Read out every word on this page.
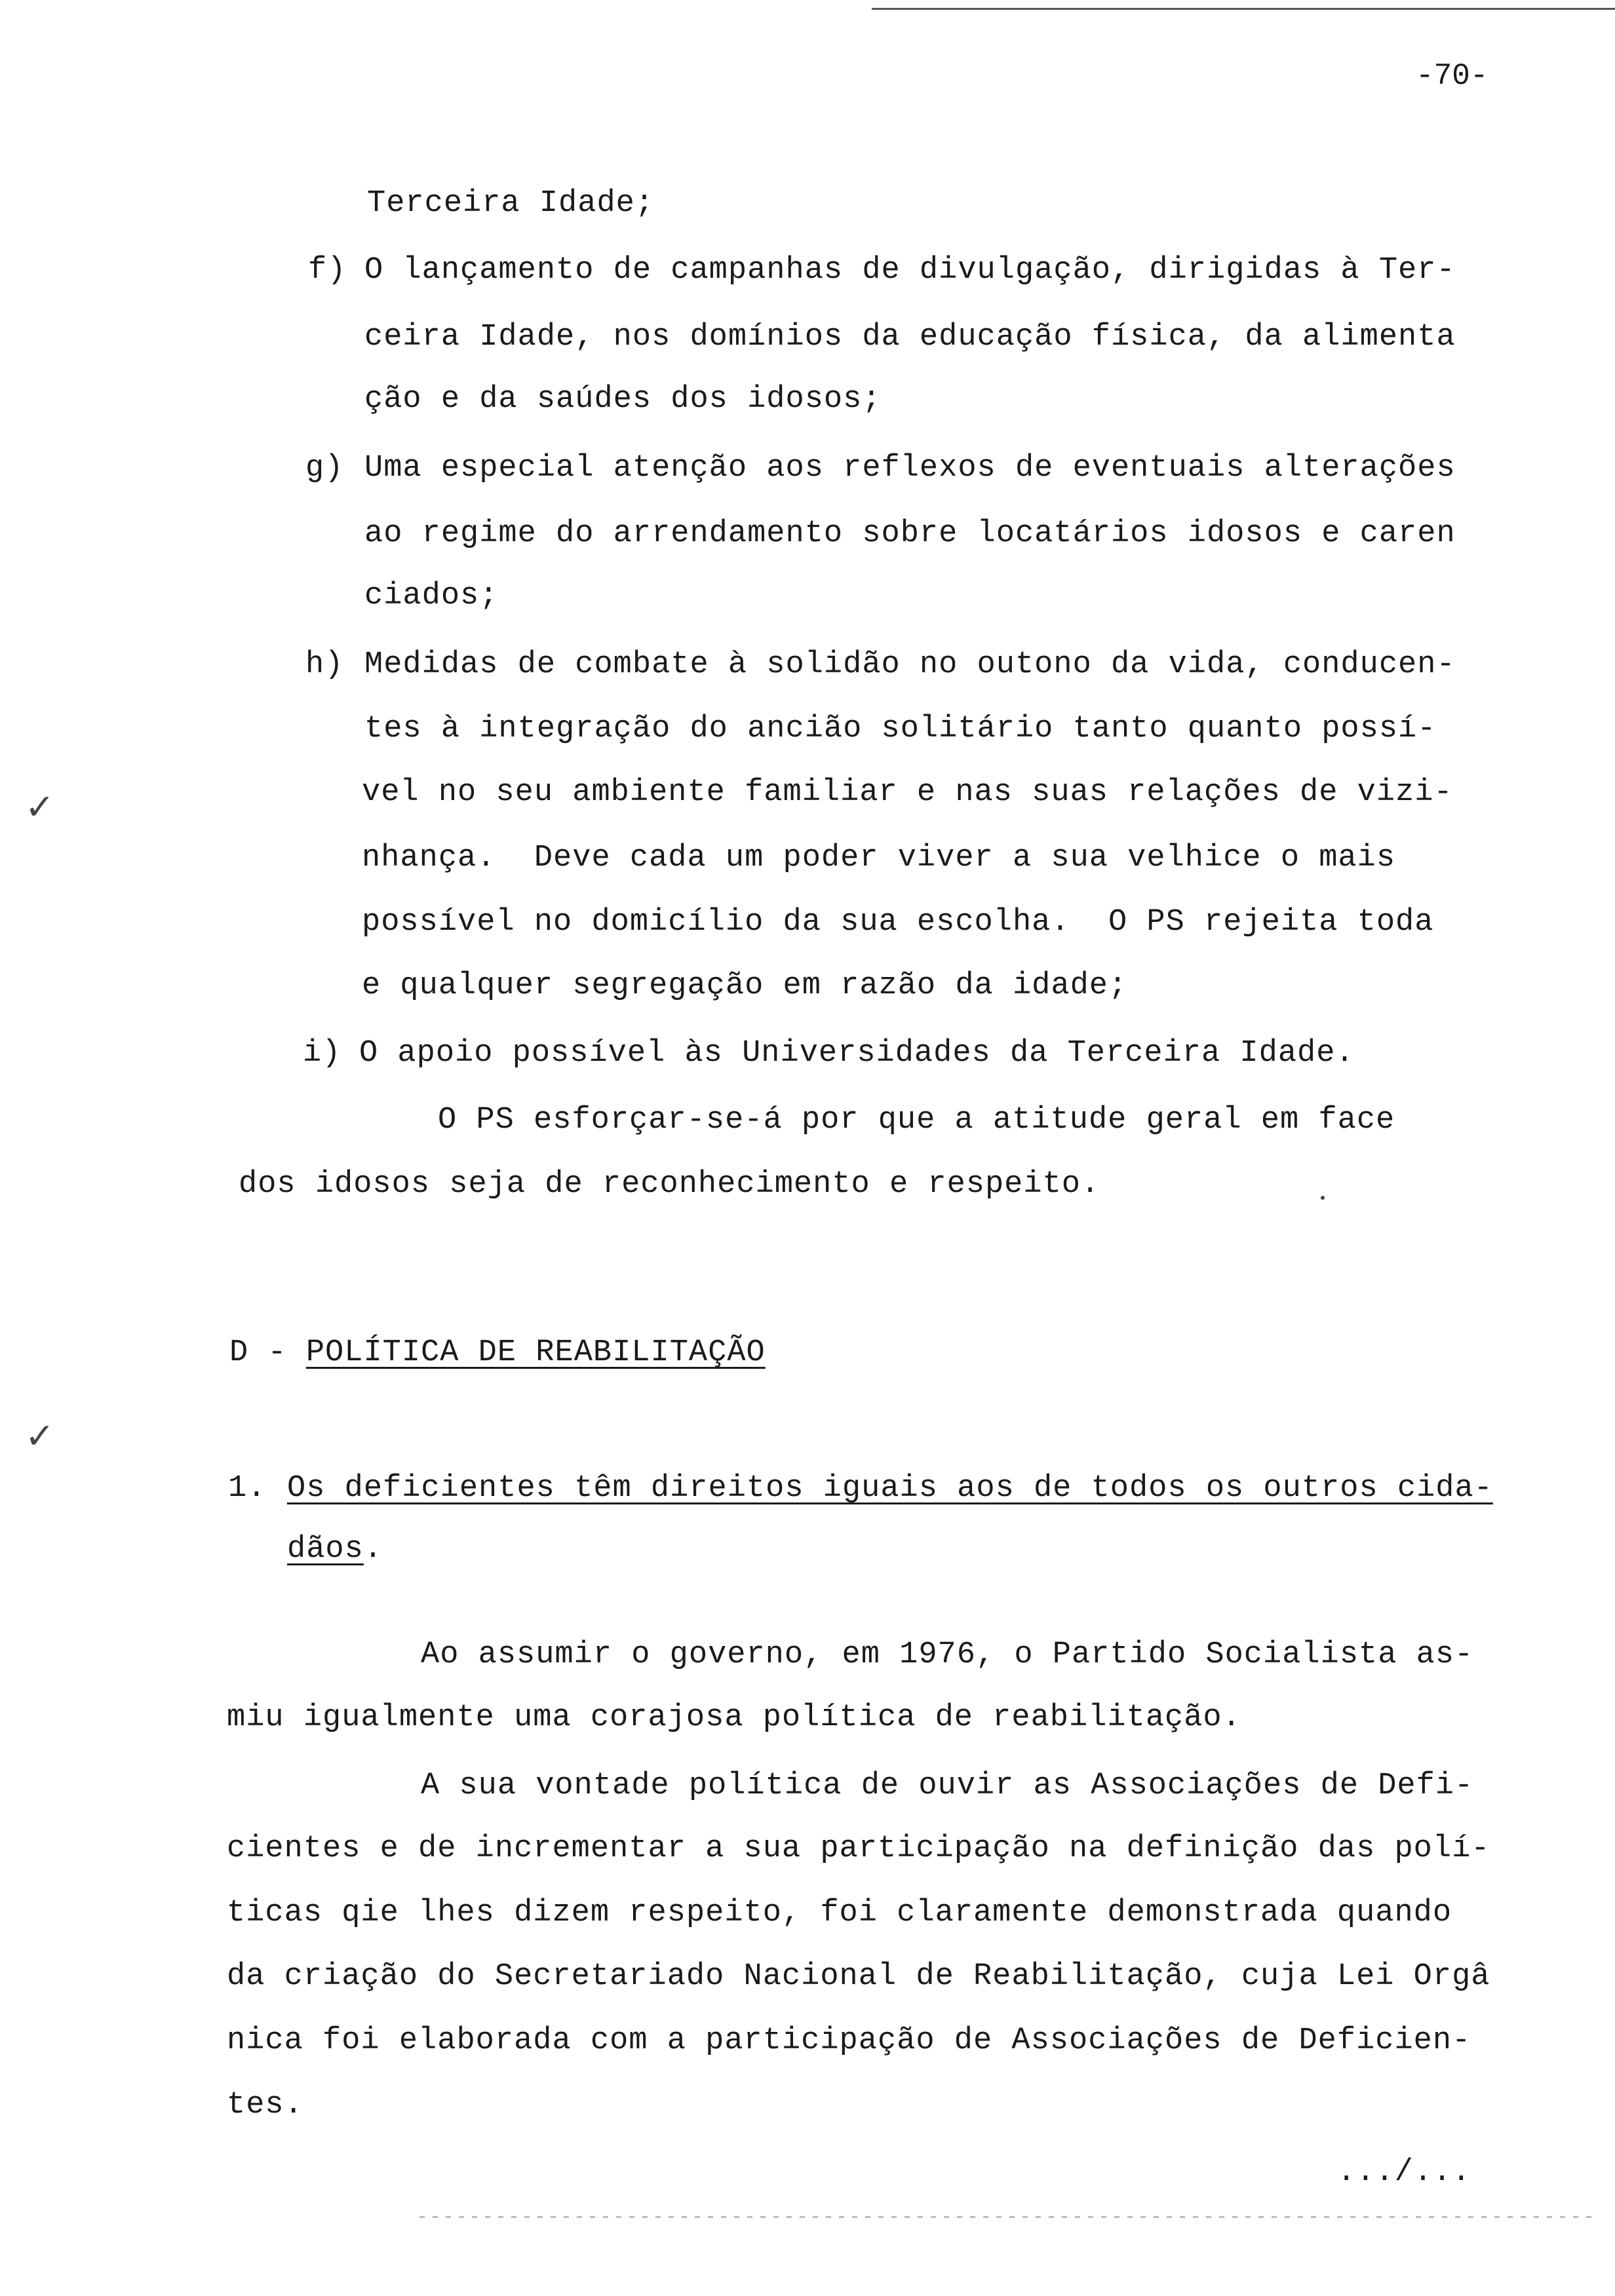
-70-
✓
✓
Terceira Idade;
f) O lançamento de campanhas de divulgação, dirigidas à Ter-
ceira Idade, nos domínios da educação física, da alimenta
ção e da saúdes dos idosos;
g) Uma especial atenção aos reflexos de eventuais alterações
ao regime do arrendamento sobre locatários idosos e caren
ciados;
h) Medidas de combate à solidão no outono da vida, conducen-
tes à integração do ancião solitário tanto quanto possí-
vel no seu ambiente familiar e nas suas relações de vizi-
nhança.  Deve cada um poder viver a sua velhice o mais
possível no domicílio da sua escolha.  O PS rejeita toda
e qualquer segregação em razão da idade;
i) O apoio possível às Universidades da Terceira Idade.
O PS esforçar-se-á por que a atitude geral em face
dos idosos seja de reconhecimento e respeito.
D - POLÍTICA DE REABILITAÇÃO
1. Os deficientes têm direitos iguais aos de todos os outros cida-
dãos.
Ao assumir o governo, em 1976, o Partido Socialista as-
miu igualmente uma corajosa política de reabilitação.
A sua vontade política de ouvir as Associações de Defi-
cientes e de incrementar a sua participação na definição das polí-
ticas qie lhes dizem respeito, foi claramente demonstrada quando
da criação do Secretariado Nacional de Reabilitação, cuja Lei Orgâ
nica foi elaborada com a participação de Associações de Deficien-
tes.
.../...
